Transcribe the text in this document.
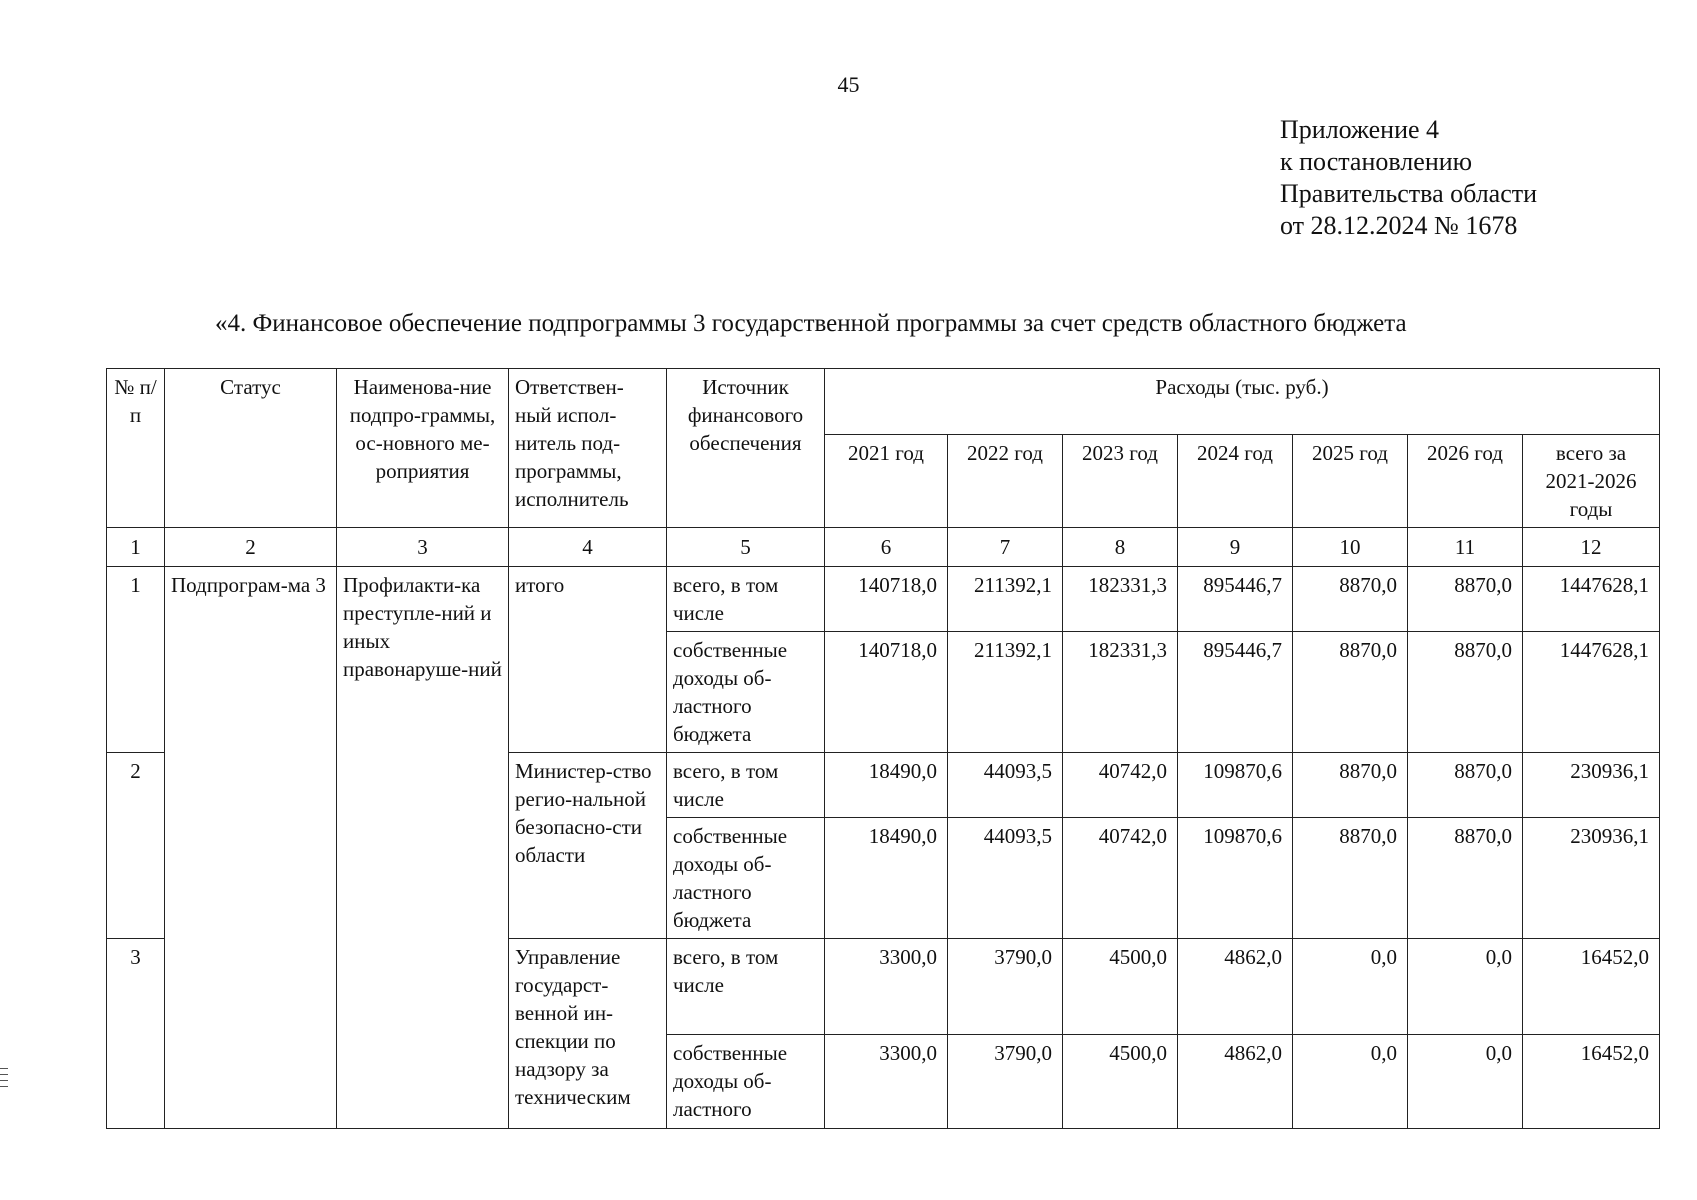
45
Приложение 4
к постановлению
Правительства области
от 28.12.2024 № 1678
«4. Финансовое обеспечение подпрограммы 3 государственной программы за счет средств областного бюджета
№ п/п	Статус	Наименова-ние подпро-граммы, ос-новного ме-роприятия	Ответствен-ный испол-нитель под-программы, исполнитель	Источник финансового обеспечения	Расходы (тыс. руб.)						
					2021 год	2022 год	2023 год	2024 год	2025 год	2026 год	всего за 2021-2026 годы
1	2	3	4	5	6	7	8	9	10	11	12
1	Подпрограм-ма 3	Профилакти-ка преступле-ний и иных правонаруше-ний	итого	всего, в том числе	140718,0	211392,1	182331,3	895446,7	8870,0	8870,0	1447628,1
				собственные доходы об-ластного бюджета	140718,0	211392,1	182331,3	895446,7	8870,0	8870,0	1447628,1
2			Министер-ство регио-нальной безопасно-сти области	всего, в том числе	18490,0	44093,5	40742,0	109870,6	8870,0	8870,0	230936,1
				собственные доходы об-ластного бюджета	18490,0	44093,5	40742,0	109870,6	8870,0	8870,0	230936,1
3			Управление государст-венной ин-спекции по надзору за техническим	всего, в том числе	3300,0	3790,0	4500,0	4862,0	0,0	0,0	16452,0
				собственные доходы об-ластного	3300,0	3790,0	4500,0	4862,0	0,0	0,0	16452,0
